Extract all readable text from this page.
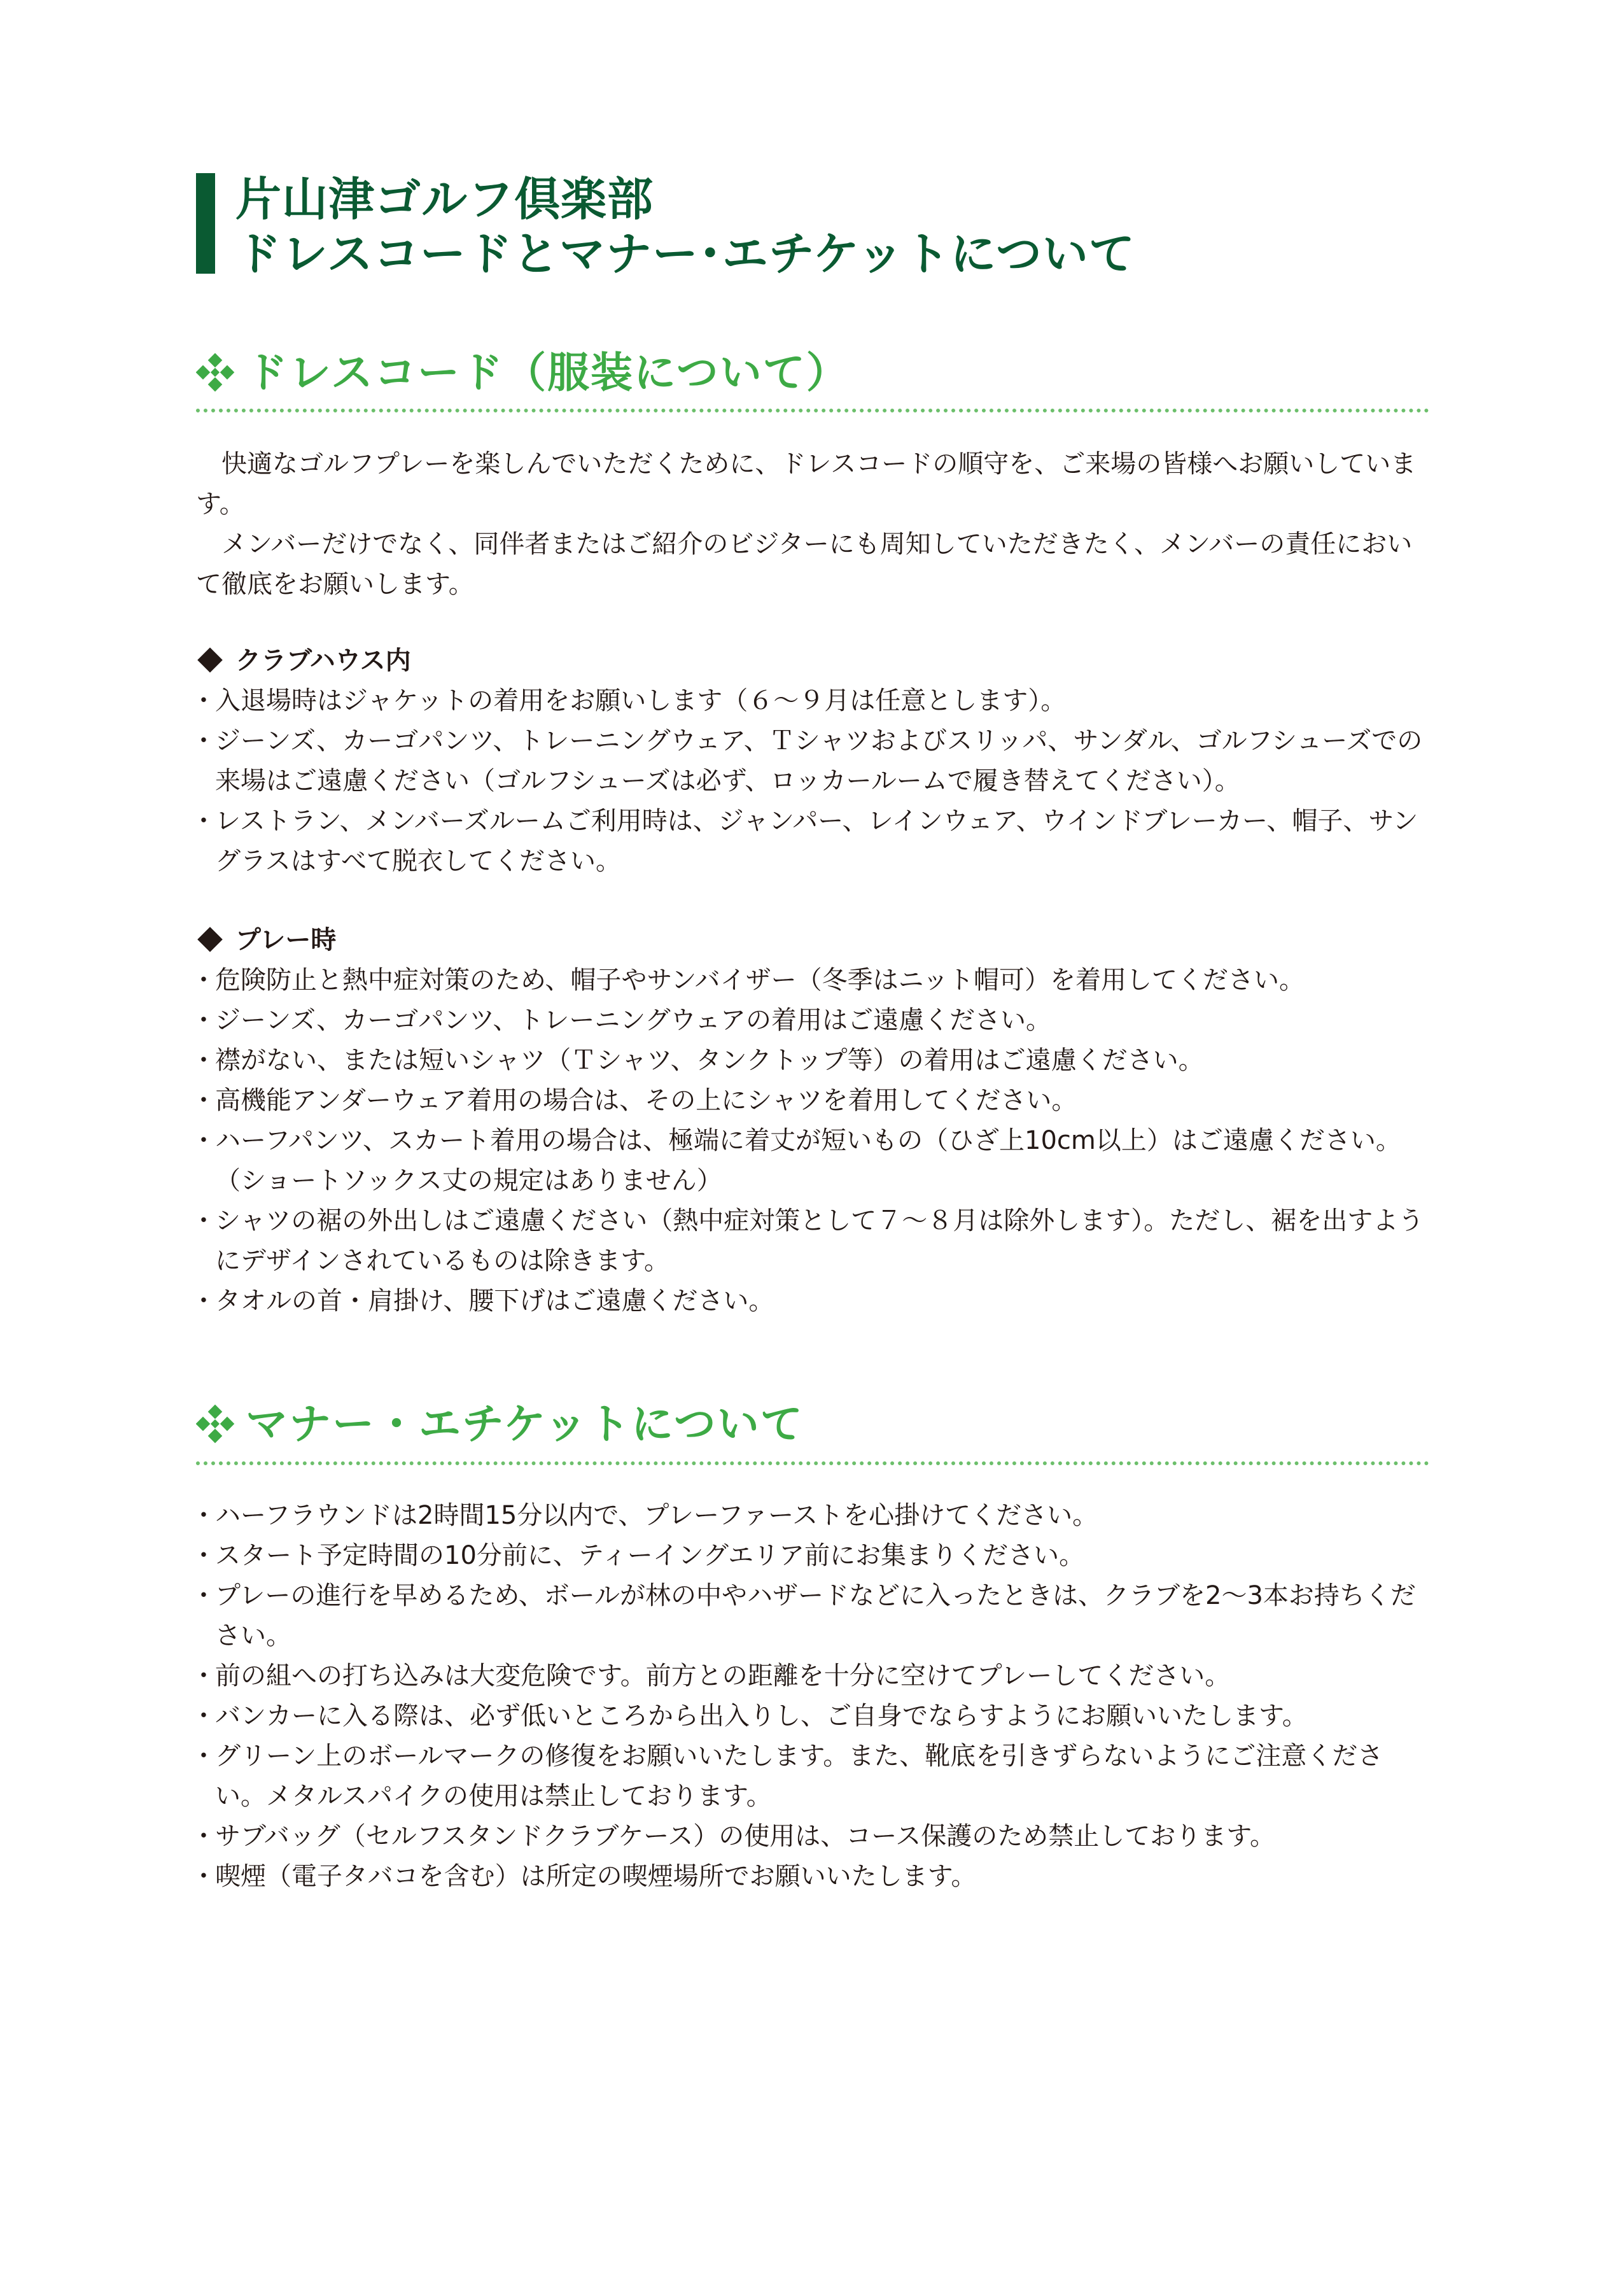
片山津ゴルフ倶楽部
ドレスコードとマナー･エチケットについて
ドレスコード（服装について）
快適なゴルフプレーを楽しんでいただくために、ドレスコードの順守を、ご来場の皆様へお願いしています。
メンバーだけでなく、同伴者またはご紹介のビジターにも周知していただきたく、メンバーの責任において徹底をお願いします。
クラブハウス内
・ 入退場時はジャケットの着用をお願いします（６～９月は任意とします）。
・ ジーンズ、カーゴパンツ、トレーニングウェア、Ｔシャツおよびスリッパ、サンダル、ゴルフシューズでの来場はご遠慮ください（ゴルフシューズは必ず、ロッカールームで履き替えてください）。
・ レストラン、メンバーズルームご利用時は、ジャンパー、レインウェア、ウインドブレーカー、帽子、サングラスはすべて脱衣してください。
プレー時
・ 危険防止と熱中症対策のため、帽子やサンバイザー（冬季はニット帽可）を着用してください。
・ ジーンズ、カーゴパンツ、トレーニングウェアの着用はご遠慮ください。
・ 襟がない、または短いシャツ（Ｔシャツ、タンクトップ等）の着用はご遠慮ください。
・ 高機能アンダーウェア着用の場合は、その上にシャツを着用してください。
・ ハーフパンツ、スカート着用の場合は、極端に着丈が短いもの（ひざ上10cm以上）はご遠慮ください。（ショートソックス丈の規定はありません）
・ シャツの裾の外出しはご遠慮ください（熱中症対策として７～８月は除外します）。ただし、裾を出すようにデザインされているものは除きます。
・ タオルの首・肩掛け、腰下げはご遠慮ください。
マナー・エチケットについて
・ ハーフラウンドは2時間15分以内で、プレーファーストを心掛けてください。
・ スタート予定時間の10分前に、ティーイングエリア前にお集まりください。
・ プレーの進行を早めるため、ボールが林の中やハザードなどに入ったときは、クラブを2～3本お持ちください。
・ 前の組への打ち込みは大変危険です。前方との距離を十分に空けてプレーしてください。
・ バンカーに入る際は、必ず低いところから出入りし、ご自身でならすようにお願いいたします。
・ グリーン上のボールマークの修復をお願いいたします。また、靴底を引きずらないようにご注意ください。メタルスパイクの使用は禁止しております。
・ サブバッグ（セルフスタンドクラブケース）の使用は、コース保護のため禁止しております。
・ 喫煙（電子タバコを含む）は所定の喫煙場所でお願いいたします。
